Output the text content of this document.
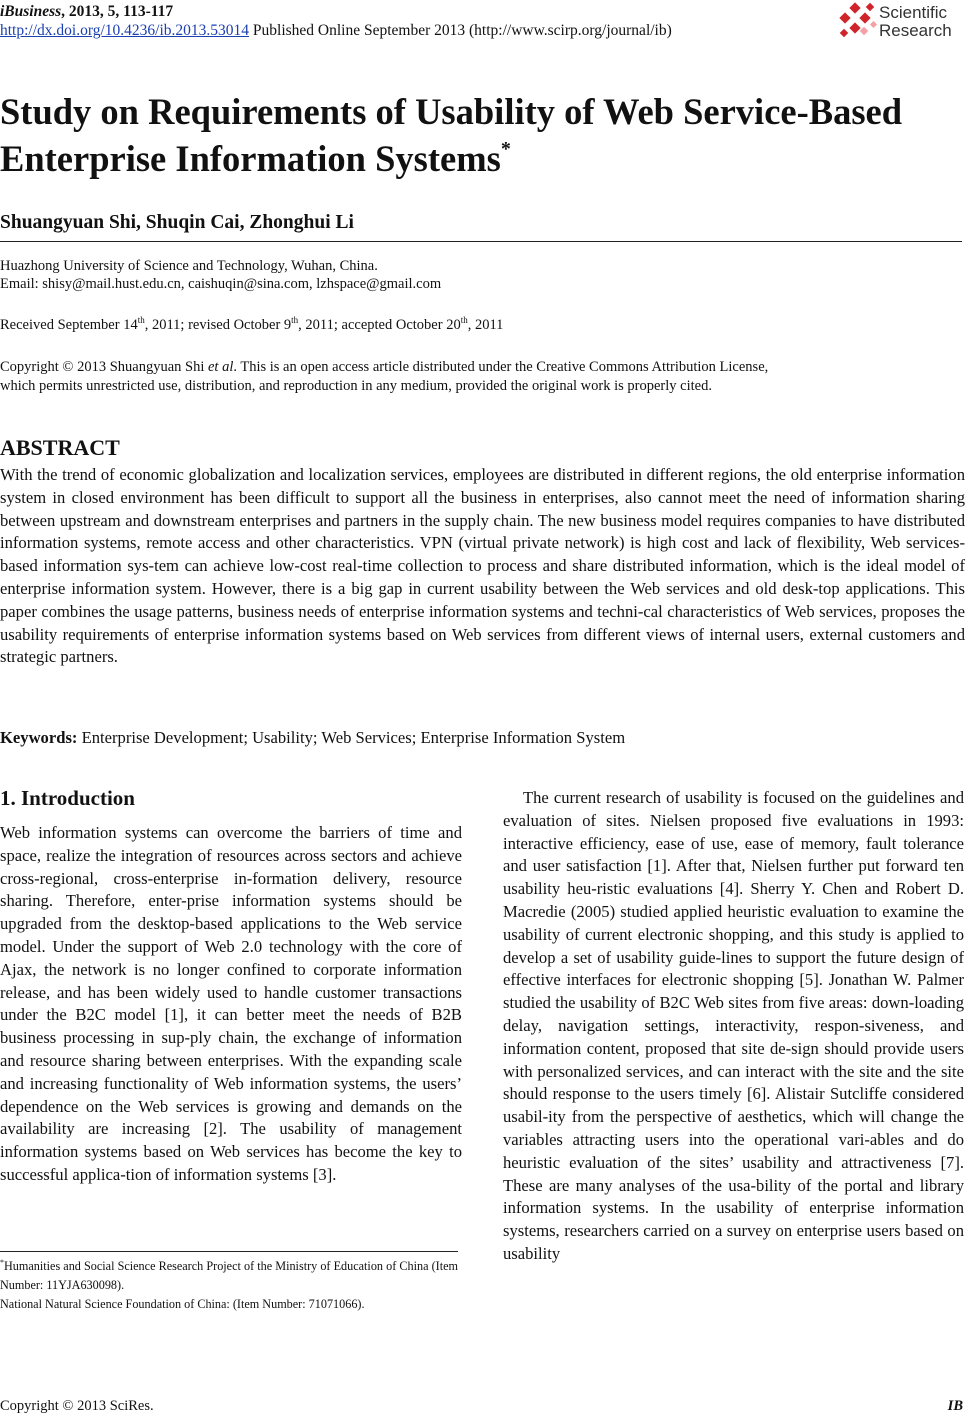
iBusiness, 2013, 5, 113-117
http://dx.doi.org/10.4236/ib.2013.53014 Published Online September 2013 (http://www.scirp.org/journal/ib)
Scientific
Research
Study on Requirements of Usability of Web Service-Based
Enterprise Information Systems*
Shuangyuan Shi, Shuqin Cai, Zhonghui Li
Huazhong University of Science and Technology, Wuhan, China.
Email: shisy@mail.hust.edu.cn, caishuqin@sina.com, lzhspace@gmail.com
Received September 14th, 2011; revised October 9th, 2011; accepted October 20th, 2011
Copyright © 2013 Shuangyuan Shi et al. This is an open access article distributed under the Creative Commons Attribution License,
which permits unrestricted use, distribution, and reproduction in any medium, provided the original work is properly cited.
ABSTRACT

With the trend of economic globalization and localization services, employees are distributed in different regions, the old enterprise information system in closed environment has been difficult to support all the business in enterprises, also cannot meet the need of information sharing between upstream and downstream enterprises and partners in the supply chain. The new business model requires companies to have distributed information systems, remote access and other characteristics. VPN (virtual private network) is high cost and lack of flexibility, Web services-based information sys-tem can achieve low-cost real-time collection to process and share distributed information, which is the ideal model of enterprise information system. However, there is a big gap in current usability between the Web services and old desk-top applications. This paper combines the usage patterns, business needs of enterprise information systems and techni-cal characteristics of Web services, proposes the usability requirements of enterprise information systems based on Web services from different views of internal users, external customers and strategic partners.

Keywords: Enterprise Development; Usability; Web Services; Enterprise Information System
1. Introduction

Web information systems can overcome the barriers of time and space, realize the integration of resources across sectors and achieve cross-regional, cross-enterprise in-formation delivery, resource sharing. Therefore, enter-prise information systems should be upgraded from the desktop-based applications to the Web service model. Under the support of Web 2.0 technology with the core of Ajax, the network is no longer confined to corporate information release, and has been widely used to handle customer transactions under the B2C model [1], it can better meet the needs of B2B business processing in sup-ply chain, the exchange of information and resource sharing between enterprises. With the expanding scale and increasing functionality of Web information systems, the users’ dependence on the Web services is growing and demands on the availability are increasing [2]. The usability of management information systems based on Web services has become the key to successful applica-tion of information systems [3].

*Humanities and Social Science Research Project of the Ministry of Education of China (Item Number: 11YJA630098).
National Natural Science Foundation of China: (Item Number: 71071066).

The current research of usability is focused on the guidelines and evaluation of sites. Nielsen proposed five evaluations in 1993: interactive efficiency, ease of use, ease of memory, fault tolerance and user satisfaction [1]. After that, Nielsen further put forward ten usability heu-ristic evaluations [4]. Sherry Y. Chen and Robert D. Macredie (2005) studied applied heuristic evaluation to examine the usability of current electronic shopping, and this study is applied to develop a set of usability guide-lines to support the future design of effective interfaces for electronic shopping [5]. Jonathan W. Palmer studied the usability of B2C Web sites from five areas: down-loading delay, navigation settings, interactivity, respon-siveness, and information content, proposed that site de-sign should provide users with personalized services, and can interact with the site and the site should response to the users timely [6]. Alistair Sutcliffe considered usabil-ity from the perspective of aesthetics, which will change the variables attracting users into the operational vari-ables and do heuristic evaluation of the sites’ usability and attractiveness [7]. These are many analyses of the usa-bility of the portal and library information systems. In the usability of enterprise information systems, researchers carried on a survey on enterprise users based on usability

Copyright © 2013 SciRes.	IB
